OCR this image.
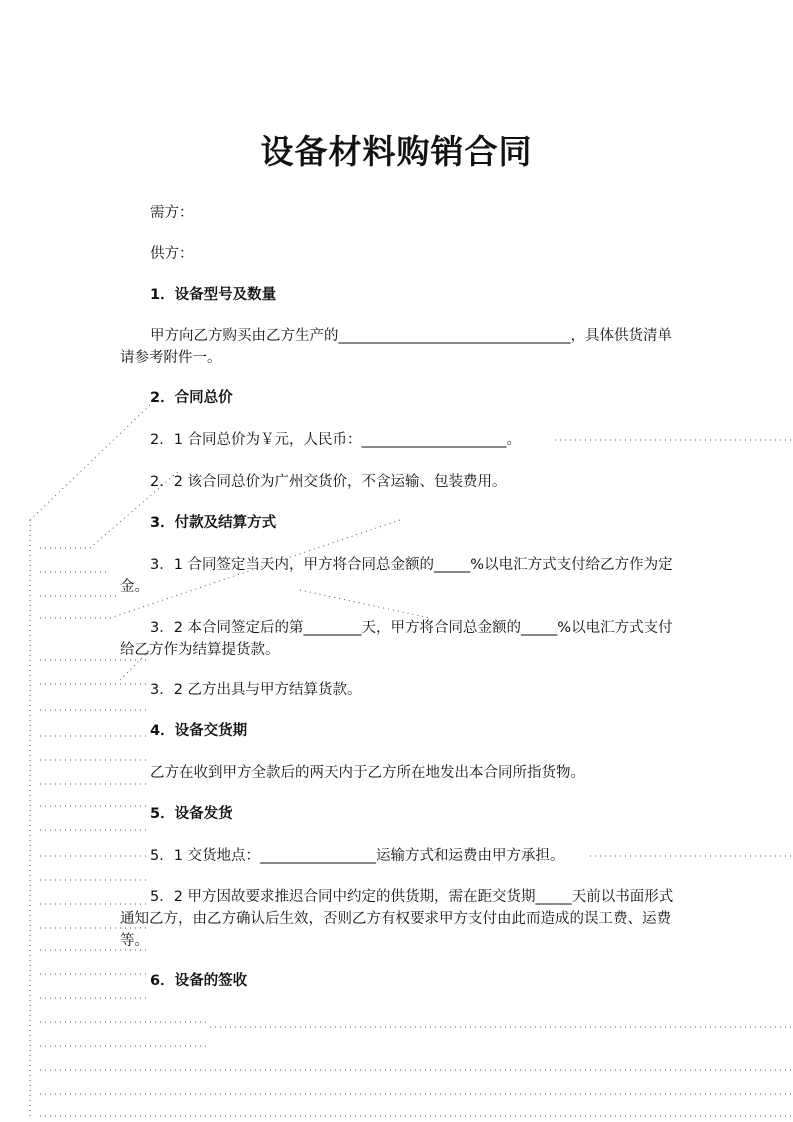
设备材料购销合同
需方：
供方：
1．设备型号及数量
甲方向乙方购买由乙方生产的________________________________，具体供货清单请参考附件一。
2．合同总价
2．1 合同总价为￥元，人民币：____________________。
2．2 该合同总价为广州交货价，不含运输、包装费用。
3．付款及结算方式
3．1 合同签定当天内，甲方将合同总金额的_____%以电汇方式支付给乙方作为定金。
3．2 本合同签定后的第________天，甲方将合同总金额的_____%以电汇方式支付给乙方作为结算提货款。
3．2 乙方出具与甲方结算货款。
4．设备交货期
乙方在收到甲方全款后的两天内于乙方所在地发出本合同所指货物。
5．设备发货
5．1 交货地点：________________运输方式和运费由甲方承担。
5．2 甲方因故要求推迟合同中约定的供货期，需在距交货期_____天前以书面形式通知乙方，由乙方确认后生效，否则乙方有权要求甲方支付由此而造成的误工费、运费等。
6．设备的签收
